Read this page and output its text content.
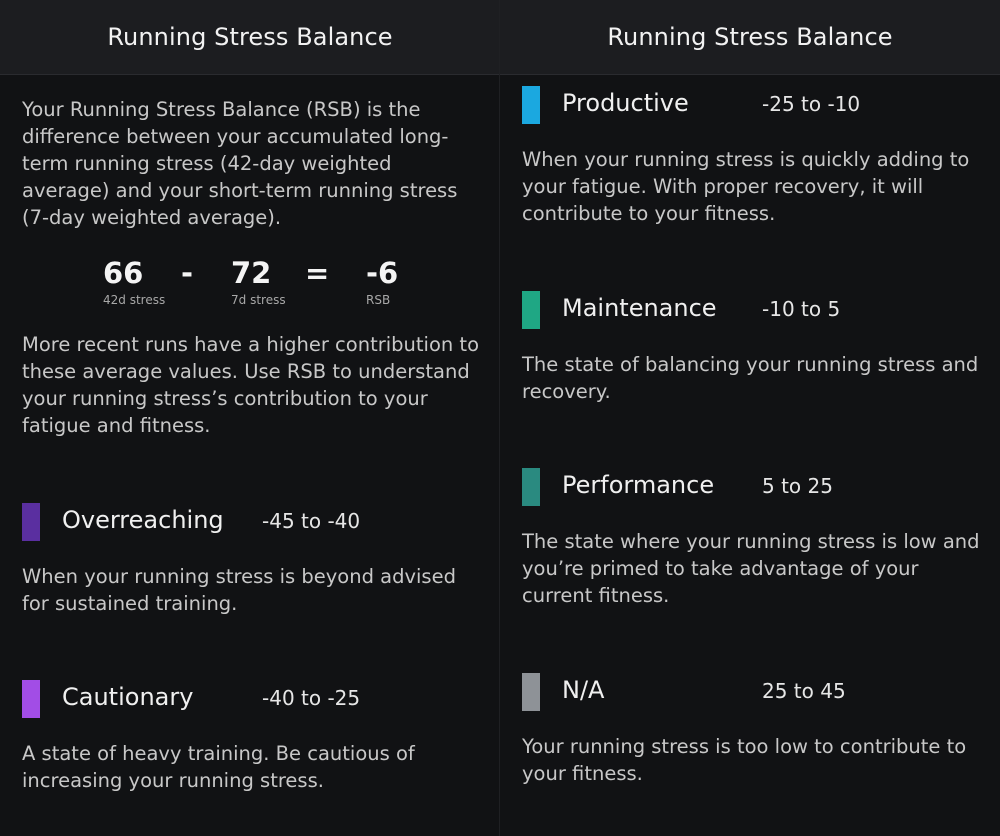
Running Stress Balance
Your Running Stress Balance (RSB) is the difference between your accumulated long-term running stress (42-day weighted average) and your short-term running stress (7-day weighted average).
66
42d stress
- 72
7d stress
= -6
RSB
More recent runs have a higher contribution to these average values. Use RSB to understand your running stress’s contribution to your fatigue and fitness.
Overreaching -45 to -40
When your running stress is beyond advised for sustained training.
Cautionary	-40 to -25
A state of heavy training. Be cautious of increasing your running stress.
Running Stress Balance
Productive	-25 to -10
When your running stress is quickly adding to your fatigue. With proper recovery, it will contribute to your fitness.
Maintenance -10 to 5
The state of balancing your running stress and recovery.
Performance 5 to 25
The state where your running stress is low and you’re primed to take advantage of your current fitness.
N/A	25 to 45
Your running stress is too low to contribute to your fitness.
